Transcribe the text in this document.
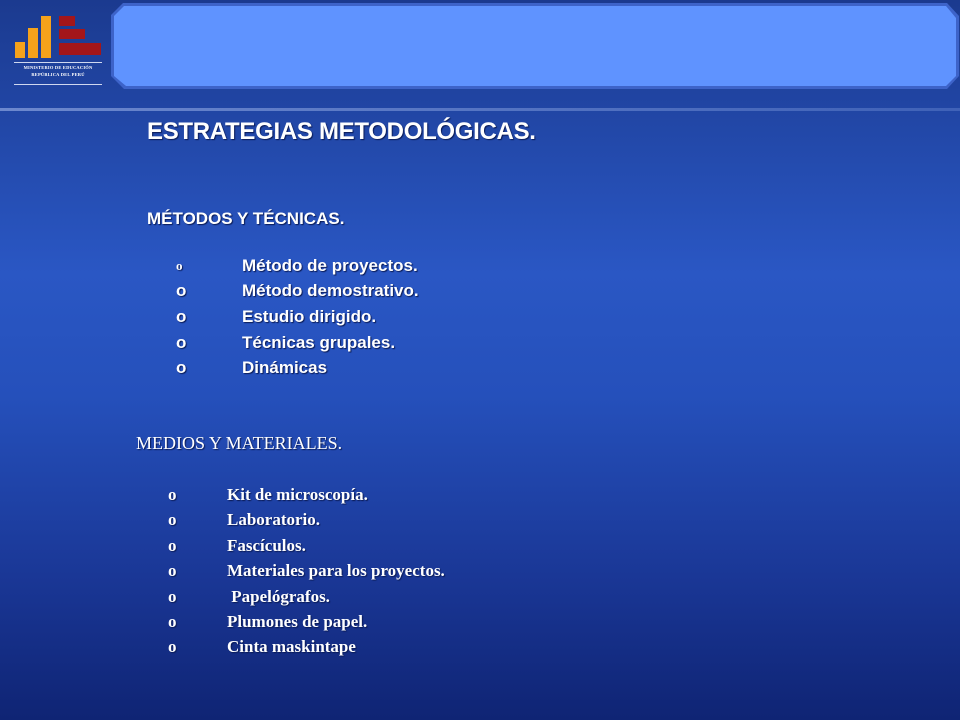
MINISTERIO DE EDUCACIÓN
REPÚBLICA DEL PERÚ
ESTRATEGIAS METODOLÓGICAS.
MÉTODOS Y TÉCNICAS.
o	Método de proyectos.
o	Método demostrativo.
o	Estudio dirigido.
o	Técnicas grupales.
o	Dinámicas
MEDIOS Y MATERIALES.
o	Kit de microscopía.
o	Laboratorio.
o	Fascículos.
o	Materiales para los proyectos.
o	Papelógrafos.
o	Plumones de papel.
o	Cinta maskintape
